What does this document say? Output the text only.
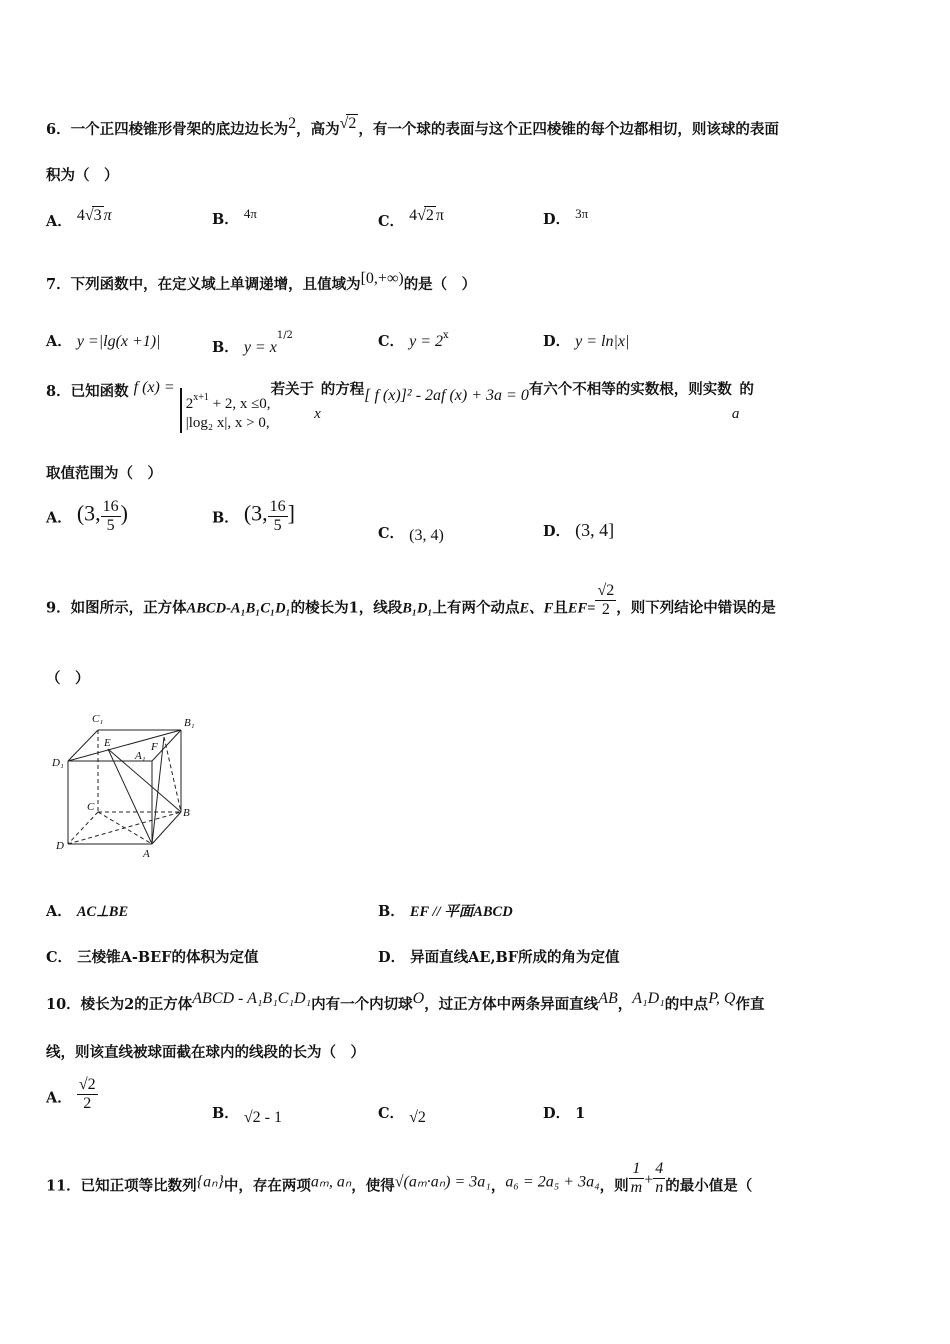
6．一个正四棱锥形骨架的底边边长为2，高为√2 ，有一个球的表面与这个正四棱锥的每个边都相切，则该球的表面
积为（　）
A． 4√3 π	B． 4π	C． 4√2 π	D． 3π
7．下列函数中，在定义域上单调递增，且值域为[0,+∞)的是（　）
A． y =|lg(x +1)|	B． $y = x^{1/2}$	C． $y = 2^x$	D． y = ln|x|
8．已知函数 f (x) =
$2^{x+1} + 2$, x ≤0,
|log₂ x|, x > 0,
若关于x的方程[ f (x)]² - 2af (x) + 3a = 0有六个不相等的实数根，则实数a的
取值范围为（　）
A． (3, $\frac{16}{5}$ )	B． (3, $\frac{16}{5}$ ]
C． (3, 4)	D． (3, 4]
9．如图所示，正方体ABCD-A₁B₁C₁D₁的棱长为1，线段B₁D₁上有两个动点E、F且$EF= \frac{√2}{2}$ ，则下列结论中错误的是
（　）
C₁	B₁
E	F
A₁
D₁
C	B
D
A
A． AC⊥BE	B． EF // 平面ABCD
C． 三棱锥A-BEF的体积为定值	D． 异面直线AE,BF所成的角为定值
10．棱长为2的正方体ABCD - A₁B₁C₁D₁内有一个内切球O，过正方体中两条异面直线AB，A₁D₁的中点P, Q作直
线，则该直线被球面截在球内的线段的长为（　）
A． $\frac{√2}{2}$
B． √2 - 1	C． √2	D． 1
11．已知正项等比数列{aₙ}中，存在两项aₘ, aₙ，使得√(aₘ·aₙ) = 3a₁，a₆ = 2a₅ + 3a₄，则 $\frac{1}{m} + \frac{4}{n}$ 的最小值是（
